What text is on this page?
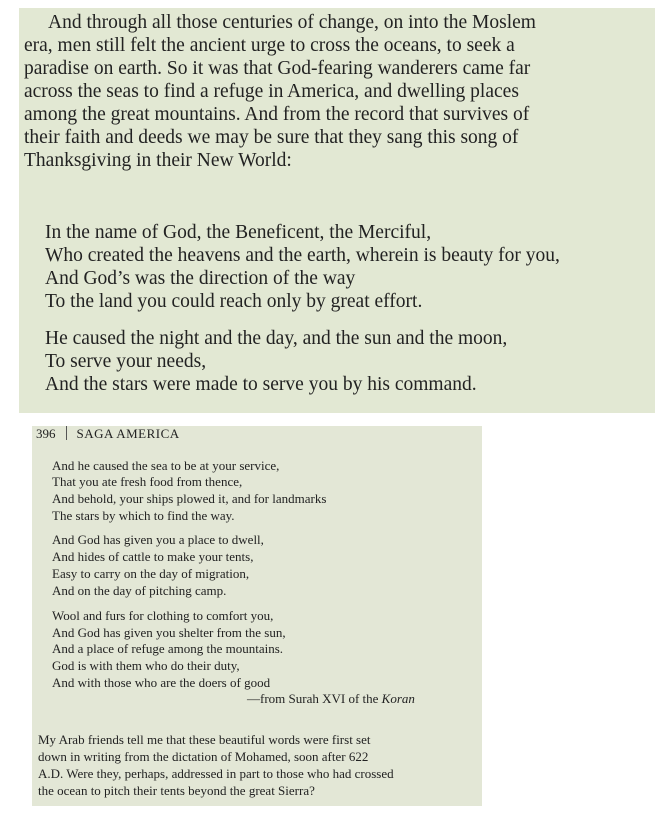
And through all those centuries of change, on into the Moslem
era, men still felt the ancient urge to cross the oceans, to seek a
paradise on earth. So it was that God-fearing wanderers came far
across the seas to find a refuge in America, and dwelling places
among the great mountains. And from the record that survives of
their faith and deeds we may be sure that they sang this song of
Thanksgiving in their New World:
In the name of God, the Beneficent, the Merciful,
Who created the heavens and the earth, wherein is beauty for you,
And God’s was the direction of the way
To the land you could reach only by great effort.
He caused the night and the day, and the sun and the moon,
To serve your needs,
And the stars were made to serve you by his command.
396 SAGA AMERICA
And he caused the sea to be at your service,
That you ate fresh food from thence,
And behold, your ships plowed it, and for landmarks
The stars by which to find the way.
And God has given you a place to dwell,
And hides of cattle to make your tents,
Easy to carry on the day of migration,
And on the day of pitching camp.
Wool and furs for clothing to comfort you,
And God has given you shelter from the sun,
And a place of refuge among the mountains.
God is with them who do their duty,
And with those who are the doers of good
—from Surah XVI of the Koran
My Arab friends tell me that these beautiful words were first set
down in writing from the dictation of Mohamed, soon after 622
A.D. Were they, perhaps, addressed in part to those who had crossed
the ocean to pitch their tents beyond the great Sierra?
